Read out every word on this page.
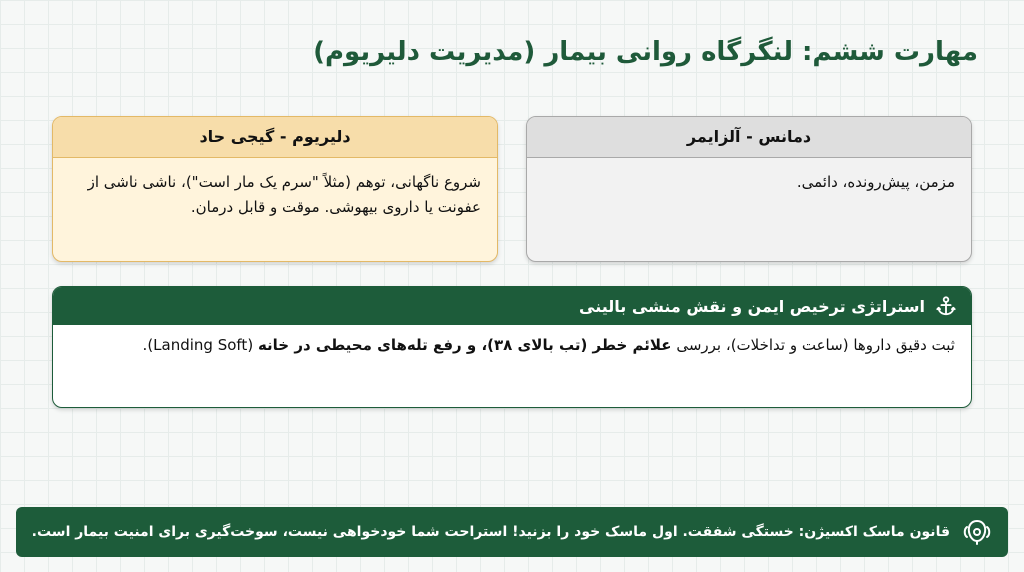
مهارت ششم: لنگرگاه روانی بیمار (مدیریت دلیریوم)
دمانس - آلزایمر
مزمن، پیش‌رونده، دائمی.
دلیریوم - گیجی حاد
شروع ناگهانی، توهم (مثلاً "سرم یک مار است")، ناشی ناشی از عفونت یا داروی بیهوشی. موقت و قابل درمان.
استراتژی ترخیص ایمن و نقش منشی بالینی
ثبت دقیق داروها (ساعت و تداخلات)، بررسی علائم خطر (تب بالای ۳۸)، و رفع تله‌های محیطی در خانه (Landing Soft).
قانون ماسک اکسیژن: خستگی شفقت. اول ماسک خود را بزنید! استراحت شما خودخواهی نیست، سوخت‌گیری برای امنیت بیمار است.
